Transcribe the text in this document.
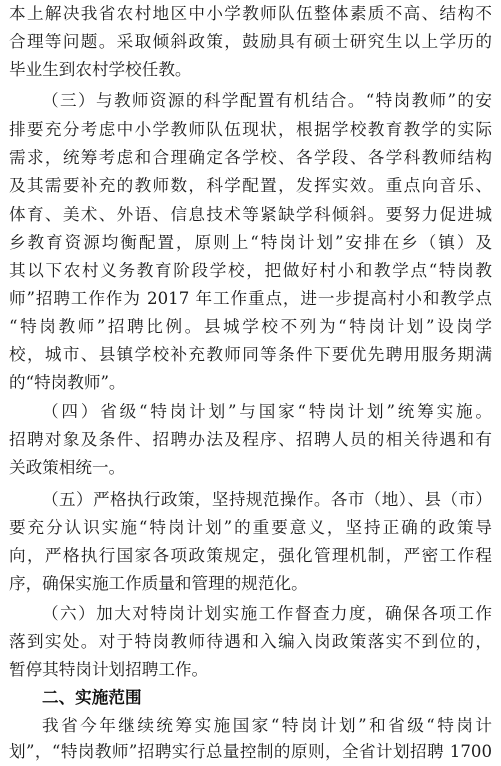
本上解决我省农村地区中小学教师队伍整体素质不高、结构不
合理等问题。采取倾斜政策，鼓励具有硕士研究生以上学历的
毕业生到农村学校任教。
（三）与教师资源的科学配置有机结合。“特岗教师”的安
排要充分考虑中小学教师队伍现状，根据学校教育教学的实际
需求，统筹考虑和合理确定各学校、各学段、各学科教师结构
及其需要补充的教师数，科学配置，发挥实效。重点向音乐、
体育、美术、外语、信息技术等紧缺学科倾斜。要努力促进城
乡教育资源均衡配置，原则上“特岗计划”安排在乡（镇）及
其以下农村义务教育阶段学校，把做好村小和教学点“特岗教
师”招聘工作作为 2017 年工作重点，进一步提高村小和教学点
“特岗教师”招聘比例。县城学校不列为“特岗计划”设岗学
校，城市、县镇学校补充教师同等条件下要优先聘用服务期满
的“特岗教师”。
（四）省级“特岗计划”与国家“特岗计划”统筹实施。
招聘对象及条件、招聘办法及程序、招聘人员的相关待遇和有
关政策相统一。
（五）严格执行政策，坚持规范操作。各市（地）、县（市）
要充分认识实施“特岗计划”的重要意义，坚持正确的政策导
向，严格执行国家各项政策规定，强化管理机制，严密工作程
序，确保实施工作质量和管理的规范化。
（六）加大对特岗计划实施工作督查力度，确保各项工作
落到实处。对于特岗教师待遇和入编入岗政策落实不到位的，
暂停其特岗计划招聘工作。
二、实施范围
我省今年继续统筹实施国家“特岗计划”和省级“特岗计
划”，“特岗教师”招聘实行总量控制的原则，全省计划招聘 1700
